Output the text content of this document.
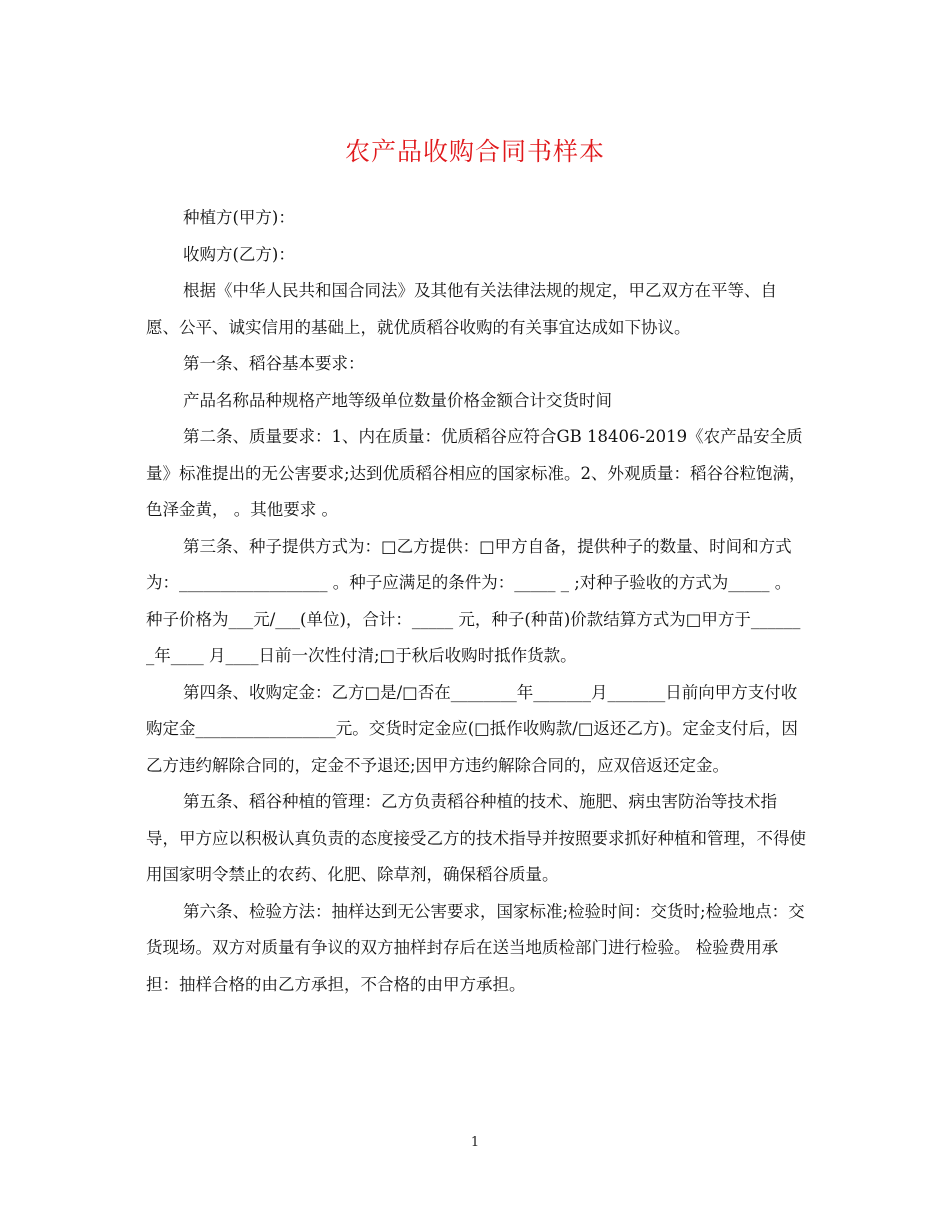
农产品收购合同书样本

种植方(甲方)：

收购方(乙方)：

根据《中华人民共和国合同法》及其他有关法律法规的规定，甲乙双方在平等、自愿、公平、诚实信用的基础上，就优质稻谷收购的有关事宜达成如下协议。

第一条、稻谷基本要求：

产品名称品种规格产地等级单位数量价格金额合计交货时间

第二条、质量要求：1、内在质量：优质稻谷应符合GB 18406-2019《农产品安全质量》标准提出的无公害要求;达到优质稻谷相应的国家标准。2、外观质量：稻谷谷粒饱满，色泽金黄， 。其他要求 。

第三条、种子提供方式为：□乙方提供：□甲方自备，提供种子的数量、时间和方式为：__________________ 。种子应满足的条件为：_____ _ ;对种子验收的方式为_____ 。种子价格为___元/___(单位)，合计：_____ 元，种子(种苗)价款结算方式为□甲方于_______年____ 月____日前一次性付清;□于秋后收购时抵作货款。

第四条、收购定金：乙方□是/□否在________年_______月_______日前向甲方支付收购定金_________________元。交货时定金应(□抵作收购款/□返还乙方)。定金支付后，因乙方违约解除合同的，定金不予退还;因甲方违约解除合同的，应双倍返还定金。

第五条、稻谷种植的管理：乙方负责稻谷种植的技术、施肥、病虫害防治等技术指导，甲方应以积极认真负责的态度接受乙方的技术指导并按照要求抓好种植和管理，不得使用国家明令禁止的农药、化肥、除草剂，确保稻谷质量。

第六条、检验方法：抽样达到无公害要求，国家标准;检验时间：交货时;检验地点：交货现场。双方对质量有争议的双方抽样封存后在送当地质检部门进行检验。 检验费用承担：抽样合格的由乙方承担，不合格的由甲方承担。

1
